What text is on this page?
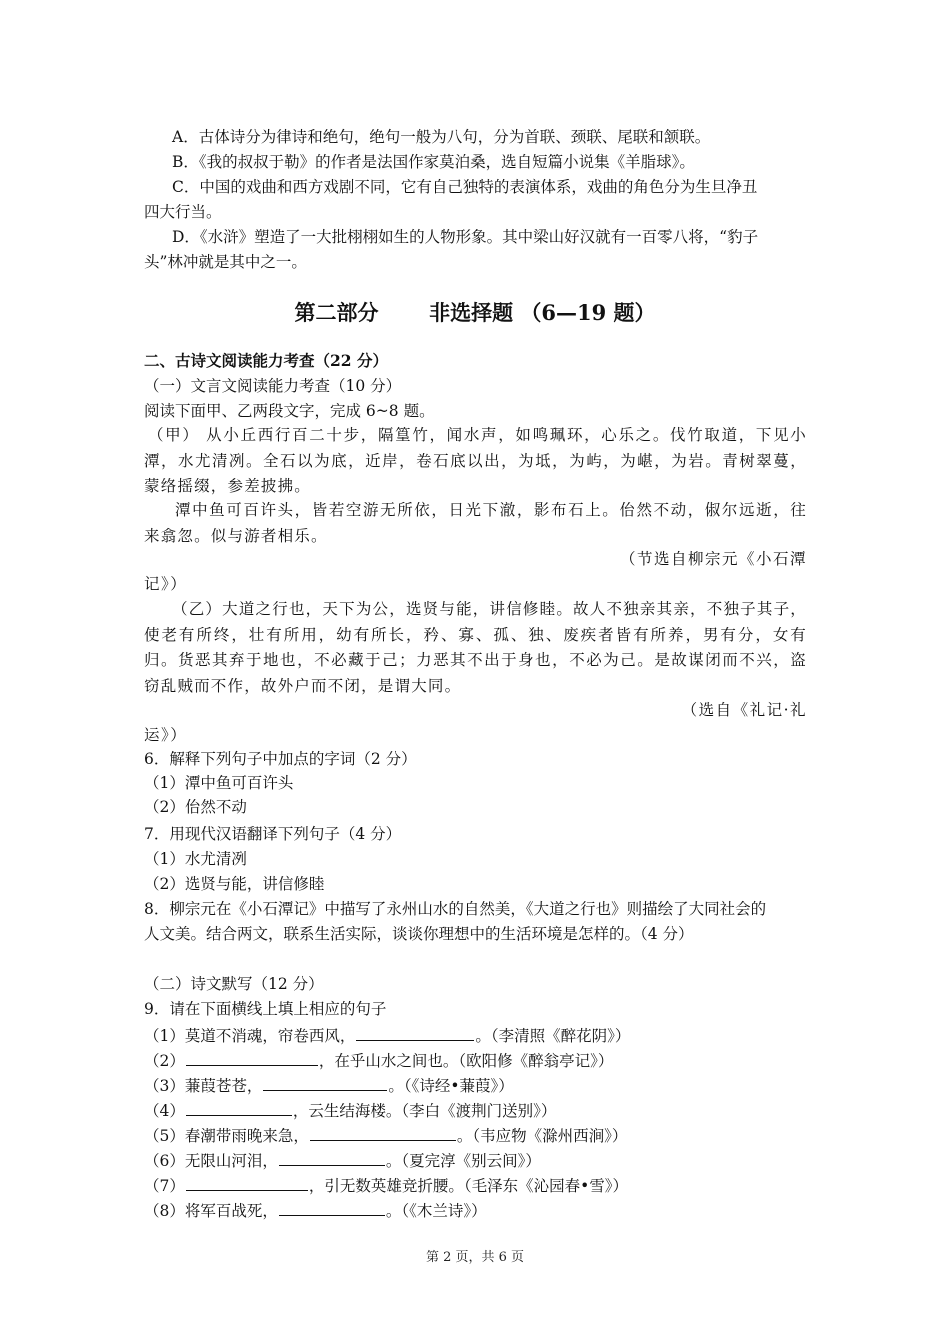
A．古体诗分为律诗和绝句，绝句一般为八句，分为首联、颈联、尾联和颔联。
B．《我的叔叔于勒》的作者是法国作家莫泊桑，选自短篇小说集《羊脂球》。
C．中国的戏曲和西方戏剧不同，它有自己独特的表演体系，戏曲的角色分为生旦净丑
四大行当。
D．《水浒》塑造了一大批栩栩如生的人物形象。其中梁山好汉就有一百零八将，“豹子
头”林冲就是其中之一。
第二部分 非选择题 （6—19 题）
二、古诗文阅读能力考查（22 分）
（一）文言文阅读能力考查（10 分）
阅读下面甲、乙两段文字，完成 6~8 题。
（甲） 从小丘西行百二十步，隔篁竹，闻水声，如鸣珮环，心乐之。伐竹取道，下见小潭，水尤清冽。全石以为底，近岸，卷石底以出，为坻，为屿，为嵁，为岩。青树翠蔓，蒙络摇缀，参差披拂。
潭中鱼可百许头，皆若空游无所依，日光下澈，影布石上。佁然不动，俶尔远逝，往来翕忽。似与游者相乐。
（节选自柳宗元《小石潭
记》）
（乙）大道之行也，天下为公，选贤与能，讲信修睦。故人不独亲其亲，不独子其子，使老有所终，壮有所用，幼有所长，矜、寡、孤、独、废疾者皆有所养，男有分，女有归。货恶其弃于地也，不必藏于己；力恶其不出于身也，不必为己。是故谋闭而不兴，盗窃乱贼而不作，故外户而不闭，是谓大同。
（选自《礼记·礼
运》）
6．解释下列句子中加点的字词（2 分）
（1）潭中鱼可百许头
（2）佁然不动
7．用现代汉语翻译下列句子（4 分）
（1）水尤清冽
（2）选贤与能，讲信修睦
8．柳宗元在《小石潭记》中描写了永州山水的自然美，《大道之行也》则描绘了大同社会的
人文美。结合两文，联系生活实际，谈谈你理想中的生活环境是怎样的。（4 分）
（二）诗文默写（12 分）
9．请在下面横线上填上相应的句子
（1）莫道不消魂，帘卷西风，	。（李清照《醉花阴》）
（2）	，在乎山水之间也。（欧阳修《醉翁亭记》）
（3）蒹葭苍苍，	。（《诗经•蒹葭》）
（4）	，云生结海楼。（李白《渡荆门送别》）
（5）春潮带雨晚来急，	。（韦应物《滁州西涧》）
（6）无限山河泪，	。（夏完淳《别云间》）
（7）	，引无数英雄竞折腰。（毛泽东《沁园春•雪》）
（8）将军百战死，	。（《木兰诗》）
第 2 页，共 6 页
